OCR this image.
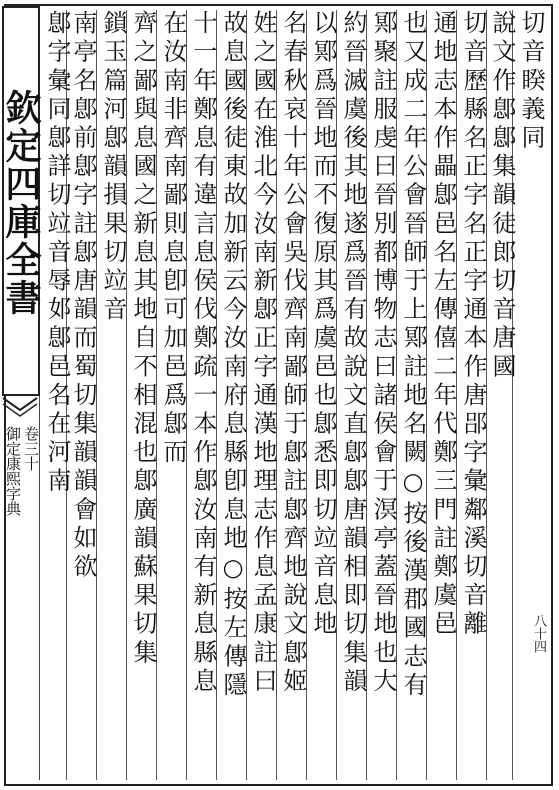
欽定四庫全書
御定康熙字典 卷三十
八十四
切音睽義同
說文作鄎鄎集韻徒郎切音唐國
切音歷縣名正字名正字通本作唐郘字彙鄰溪切音離
通地志本作畾鄎邑名左傳僖二年代鄭三門註鄭虞邑
也又成二年公會晉師于上鄍註地名闕○按後漢郡國志有
鄍聚註服虔曰晉別都博物志曰諸侯會于溟亭蓋晉地也大
約晉滅虞後其地遂爲晉有故說文直鄎鄎唐韻相即切集韻
以鄍爲晉地而不復原其爲虞邑也鄎悉即切竝音息地
名春秋哀十年公會吳伐齊南鄙師于鄎註鄎齊地說文鄎姬
姓之國在淮北今汝南新鄎正字通漢地理志作息孟康註曰
故息國後徒東故加新云今汝南府息縣卽息地○按左傳隱
十一年鄭息有違言息侯伐鄭疏一本作鄎汝南有新息縣息
在汝南非齊南鄙則息卽可加邑爲鄎而
齊之鄙與息國之新息其地自不相混也鄎廣韻蘇果切集
鎖玉篇河鄎韻損果切竝音
南亭名鄎前鄎字註鄎唐韻而蜀切集韻韻會如欲
鄎字彙同鄎詳切竝音辱邚鄎邑名在河南
